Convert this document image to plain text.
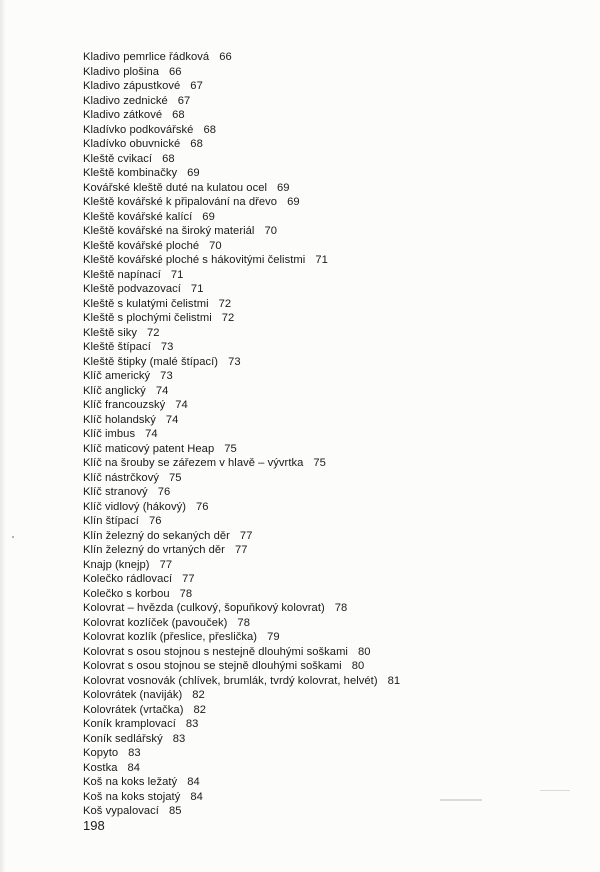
Kladivo pemrlice řádková 66
Kladivo plošina 66
Kladivo zápustkové 67
Kladivo zednické 67
Kladivo zátkové 68
Kladívko podkovářské 68
Kladívko obuvnické 68
Kleště cvikací 68
Kleště kombinačky 69
Kovářské kleště duté na kulatou ocel 69
Kleště kovářské k připalování na dřevo 69
Kleště kovářské kalící 69
Kleště kovářské na široký materiál 70
Kleště kovářské ploché 70
Kleště kovářské ploché s hákovitými čelistmi 71
Kleště napínací 71
Kleště podvazovací 71
Kleště s kulatými čelistmi 72
Kleště s plochými čelistmi 72
Kleště siky 72
Kleště štípací 73
Kleště štipky (malé štípací) 73
Klíč americký 73
Klíč anglický 74
Klíč francouzský 74
Klíč holandský 74
Klíč imbus 74
Klíč maticový patent Heap 75
Klíč na šrouby se zářezem v hlavě – vývrtka 75
Klíč nástrčkový 75
Klíč stranový 76
Klíč vidlový (hákový) 76
Klín štípací 76
Klín železný do sekaných děr 77
Klín železný do vrtaných děr 77
Knajp (knejp) 77
Kolečko rádlovací 77
Kolečko s korbou 78
Kolovrat – hvězda (culkový, šopuňkový kolovrat) 78
Kolovrat kozlíček (pavouček) 78
Kolovrat kozlík (přeslice, přeslička) 79
Kolovrat s osou stojnou s nestejně dlouhými soškami 80
Kolovrat s osou stojnou se stejně dlouhými soškami 80
Kolovrat vosnovák (chlívek, brumlák, tvrdý kolovrat, helvét) 81
Kolovrátek (naviják) 82
Kolovrátek (vrtačka) 82
Koník kramplovací 83
Koník sedlářský 83
Kopyto 83
Kostka 84
Koš na koks ležatý 84
Koš na koks stojatý 84
Koš vypalovací 85
198
